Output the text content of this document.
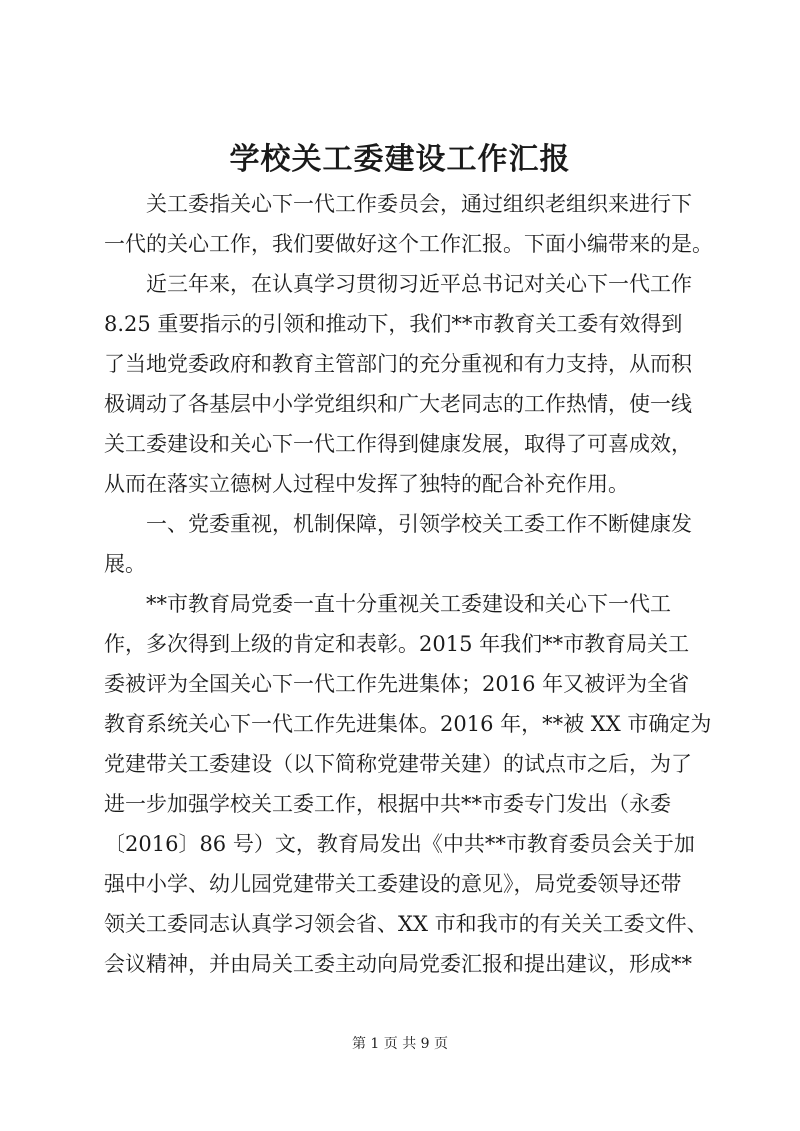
学校关工委建设工作汇报
　　关工委指关心下一代工作委员会，通过组织老组织来进行下
一代的关心工作，我们要做好这个工作汇报。下面小编带来的是。
　　近三年来，在认真学习贯彻习近平总书记对关心下一代工作
8.25 重要指示的引领和推动下，我们**市教育关工委有效得到
了当地党委政府和教育主管部门的充分重视和有力支持，从而积
极调动了各基层中小学党组织和广大老同志的工作热情，使一线
关工委建设和关心下一代工作得到健康发展，取得了可喜成效，
从而在落实立德树人过程中发挥了独特的配合补充作用。
　　一、党委重视，机制保障，引领学校关工委工作不断健康发
展。
　　**市教育局党委一直十分重视关工委建设和关心下一代工
作，多次得到上级的肯定和表彰。2015 年我们**市教育局关工
委被评为全国关心下一代工作先进集体；2016 年又被评为全省
教育系统关心下一代工作先进集体。2016 年，**被 XX 市确定为
党建带关工委建设（以下简称党建带关建）的试点市之后，为了
进一步加强学校关工委工作，根据中共**市委专门发出（永委
〔2016〕86 号）文，教育局发出《中共**市教育委员会关于加
强中小学、幼儿园党建带关工委建设的意见》，局党委领导还带
领关工委同志认真学习领会省、XX 市和我市的有关关工委文件、
会议精神，并由局关工委主动向局党委汇报和提出建议，形成**
第 1 页 共 9 页
